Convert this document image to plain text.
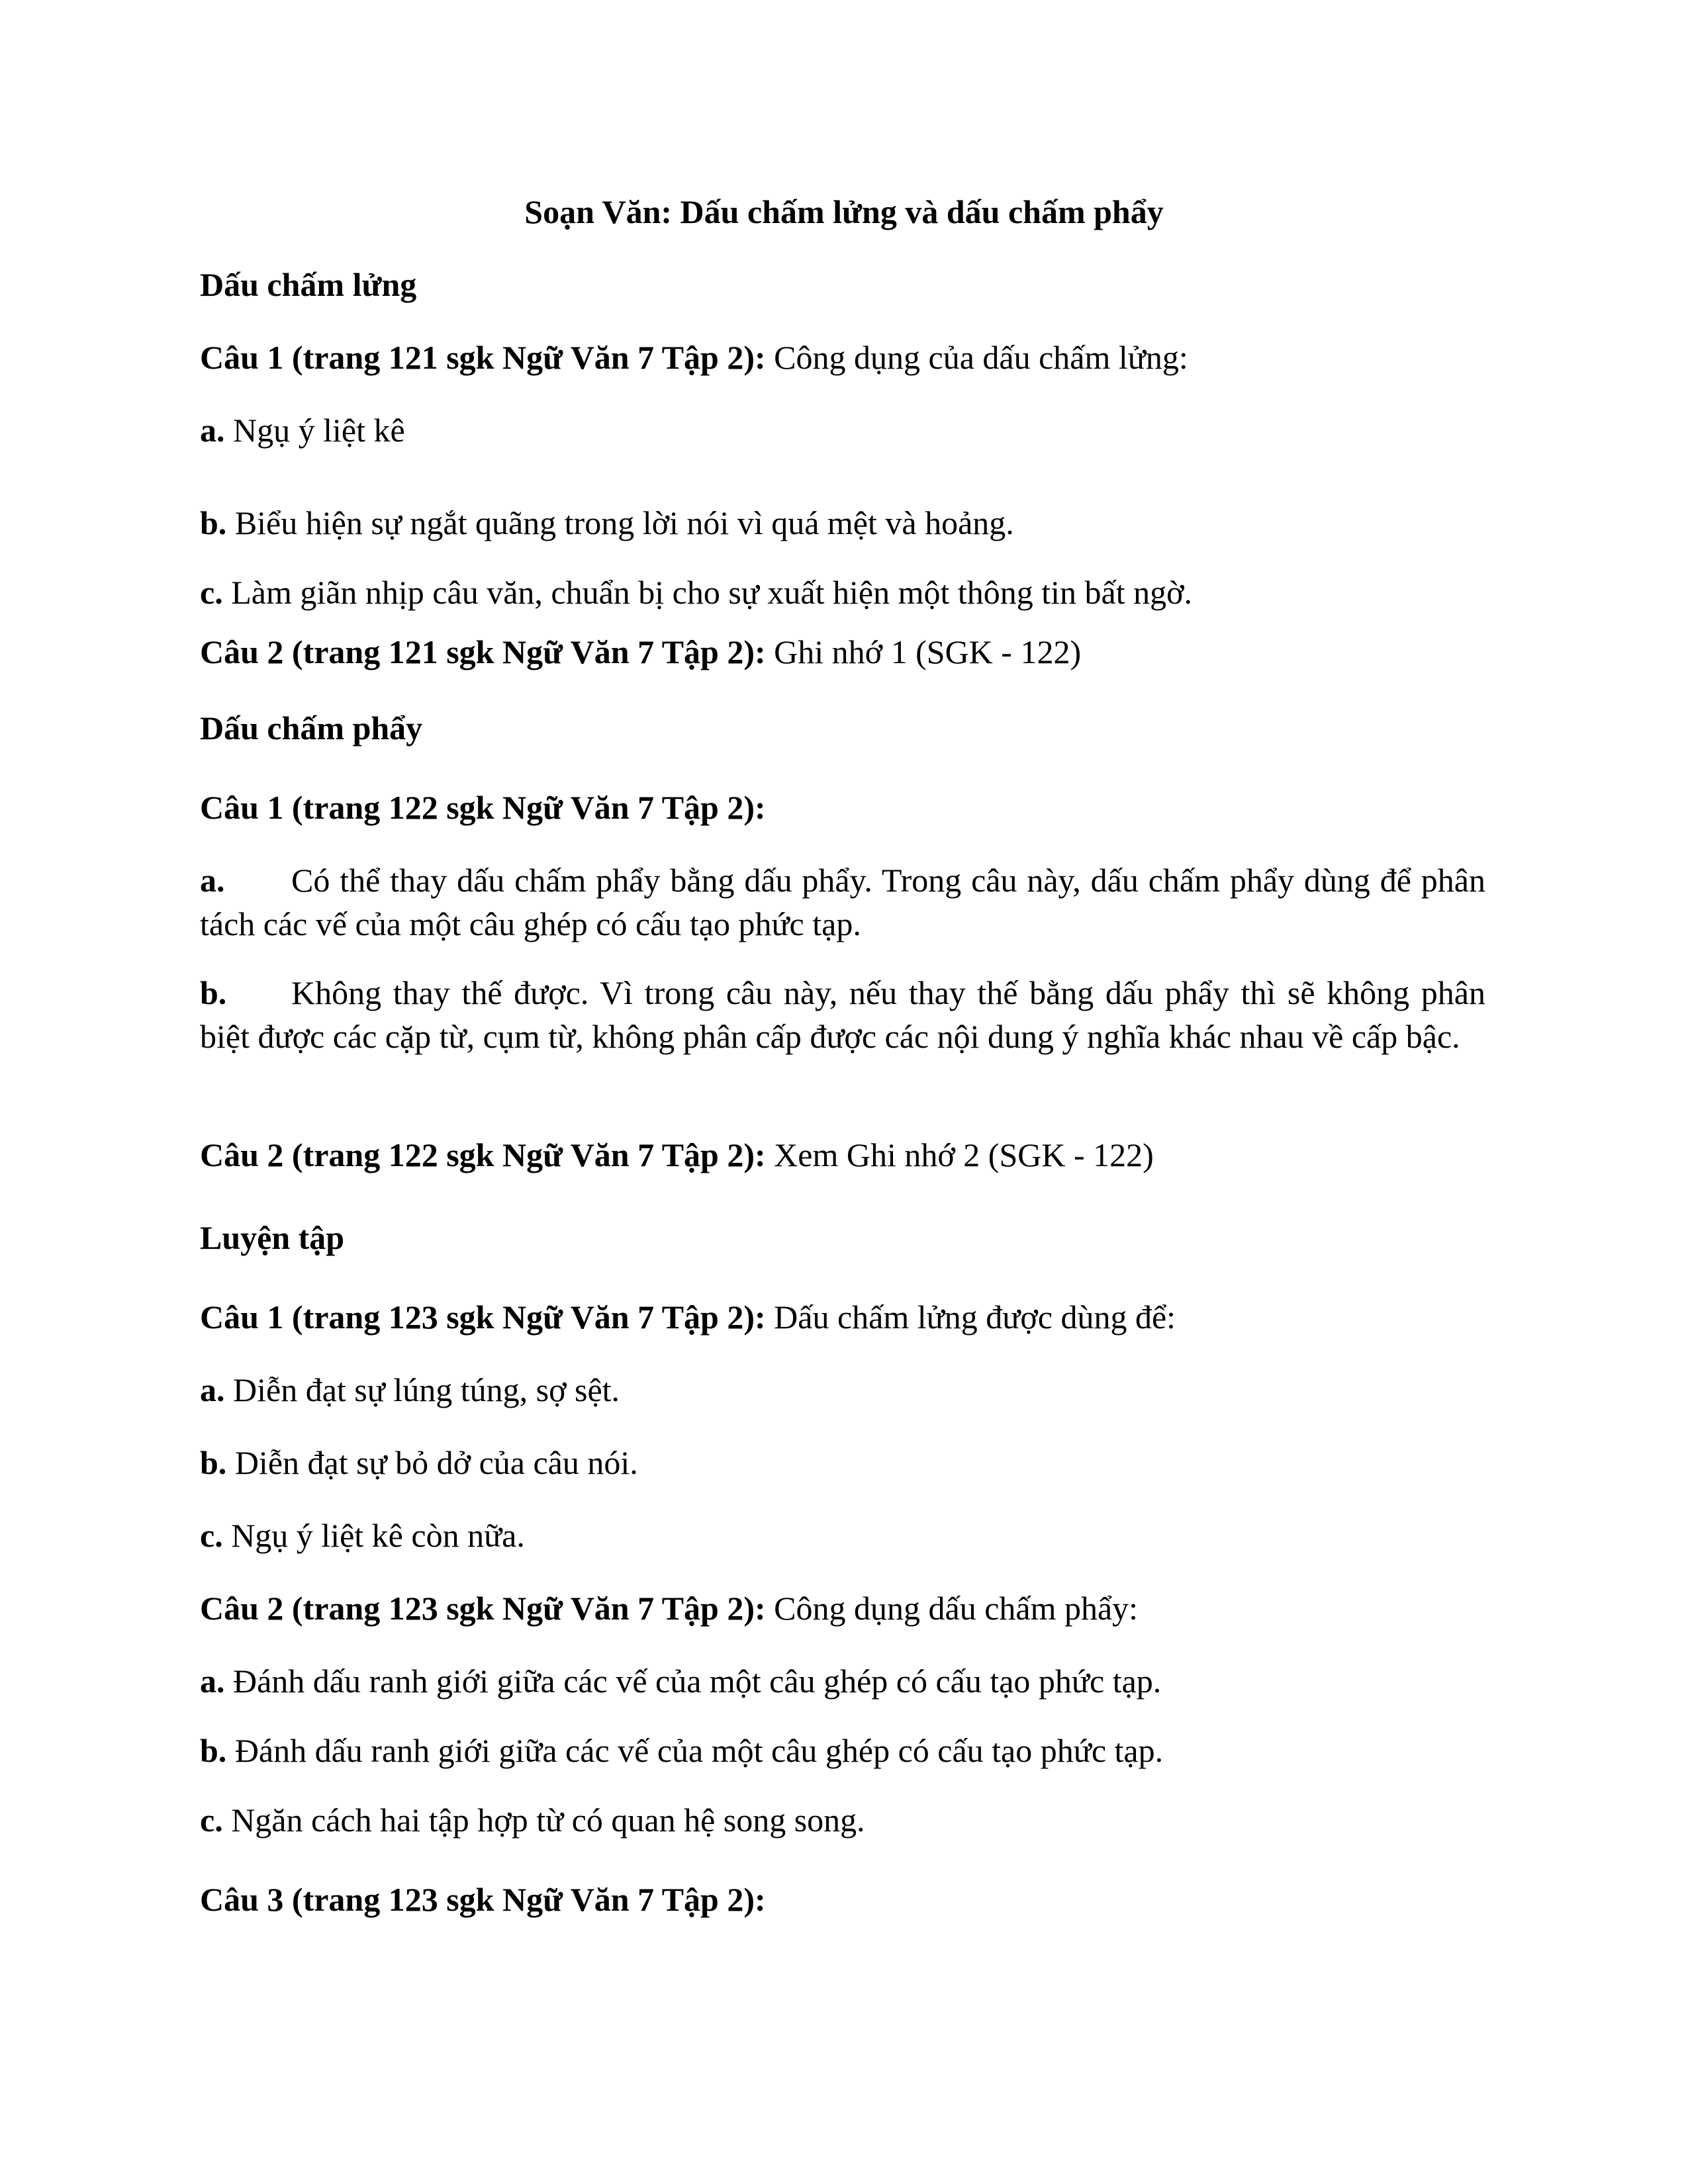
Soạn Văn: Dấu chấm lửng và dấu chấm phẩy

Dấu chấm lửng

Câu 1 (trang 121 sgk Ngữ Văn 7 Tập 2): Công dụng của dấu chấm lửng:

a. Ngụ ý liệt kê

b. Biểu hiện sự ngắt quãng trong lời nói vì quá mệt và hoảng.

c. Làm giãn nhịp câu văn, chuẩn bị cho sự xuất hiện một thông tin bất ngờ.

Câu 2 (trang 121 sgk Ngữ Văn 7 Tập 2): Ghi nhớ 1 (SGK - 122)

Dấu chấm phẩy

Câu 1 (trang 122 sgk Ngữ Văn 7 Tập 2):

a. Có thể thay dấu chấm phẩy bằng dấu phẩy. Trong câu này, dấu chấm phẩy dùng để phân tách các vế của một câu ghép có cấu tạo phức tạp.

b. Không thay thế được. Vì trong câu này, nếu thay thế bằng dấu phẩy thì sẽ không phân biệt được các cặp từ, cụm từ, không phân cấp được các nội dung ý nghĩa khác nhau về cấp bậc.

Câu 2 (trang 122 sgk Ngữ Văn 7 Tập 2): Xem Ghi nhớ 2 (SGK - 122)

Luyện tập

Câu 1 (trang 123 sgk Ngữ Văn 7 Tập 2): Dấu chấm lửng được dùng để:

a. Diễn đạt sự lúng túng, sợ sệt.

b. Diễn đạt sự bỏ dở của câu nói.

c. Ngụ ý liệt kê còn nữa.

Câu 2 (trang 123 sgk Ngữ Văn 7 Tập 2): Công dụng dấu chấm phẩy:

a. Đánh dấu ranh giới giữa các vế của một câu ghép có cấu tạo phức tạp.

b. Đánh dấu ranh giới giữa các vế của một câu ghép có cấu tạo phức tạp.

c. Ngăn cách hai tập hợp từ có quan hệ song song.

Câu 3 (trang 123 sgk Ngữ Văn 7 Tập 2):
